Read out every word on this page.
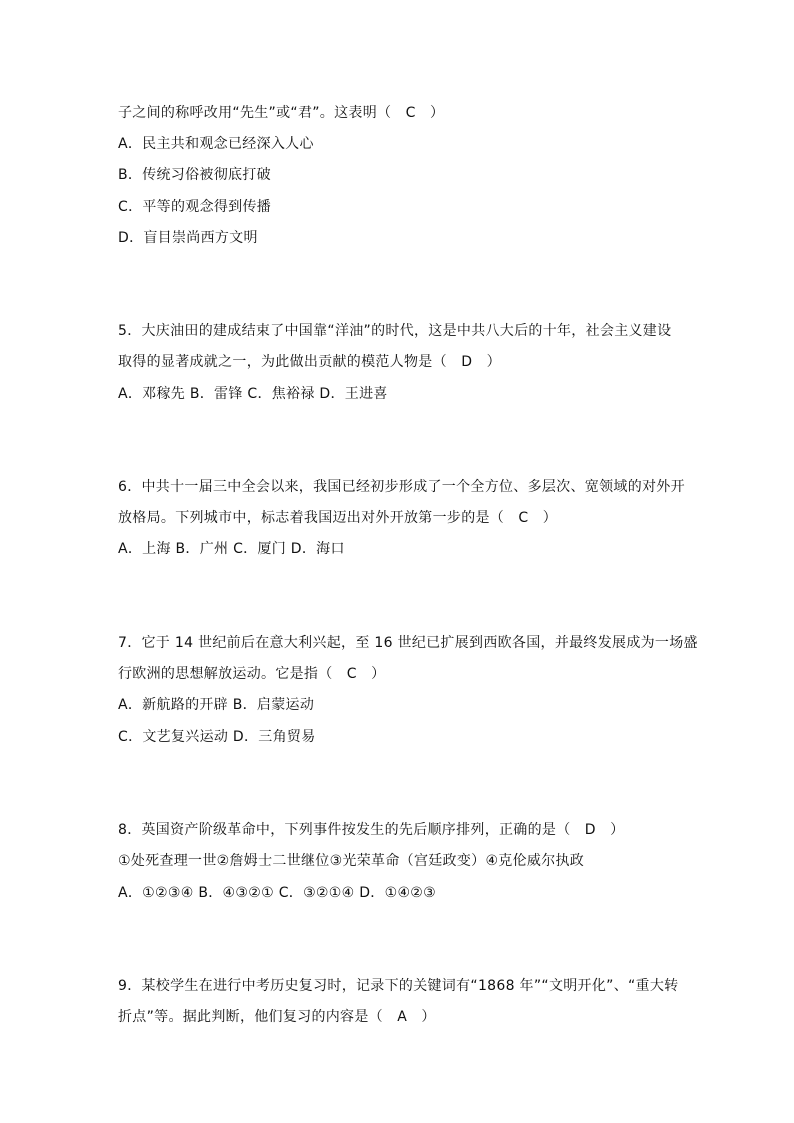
子之间的称呼改用“先生”或“君”。这表明（　C　）
A．民主共和观念已经深入人心
B．传统习俗被彻底打破
C．平等的观念得到传播
D．盲目崇尚西方文明
5．大庆油田的建成结束了中国靠“洋油”的时代，这是中共八大后的十年，社会主义建设
取得的显著成就之一，为此做出贡献的模范人物是（　D　）
A．邓稼先 B．雷锋 C．焦裕禄 D．王进喜
6．中共十一届三中全会以来，我国已经初步形成了一个全方位、多层次、宽领域的对外开
放格局。下列城市中，标志着我国迈出对外开放第一步的是（　C　）
A．上海 B．广州 C．厦门 D．海口
7．它于 14 世纪前后在意大利兴起，至 16 世纪已扩展到西欧各国，并最终发展成为一场盛
行欧洲的思想解放运动。它是指（　C　）
A．新航路的开辟 B．启蒙运动
C．文艺复兴运动 D．三角贸易
8．英国资产阶级革命中，下列事件按发生的先后顺序排列，正确的是（　D　）
①处死查理一世②詹姆士二世继位③光荣革命（宫廷政变）④克伦威尔执政
A．①②③④ B．④③②① C．③②①④ D．①④②③
9．某校学生在进行中考历史复习时，记录下的关键词有“1868 年”“文明开化”、“重大转
折点”等。据此判断，他们复习的内容是（　A　）
